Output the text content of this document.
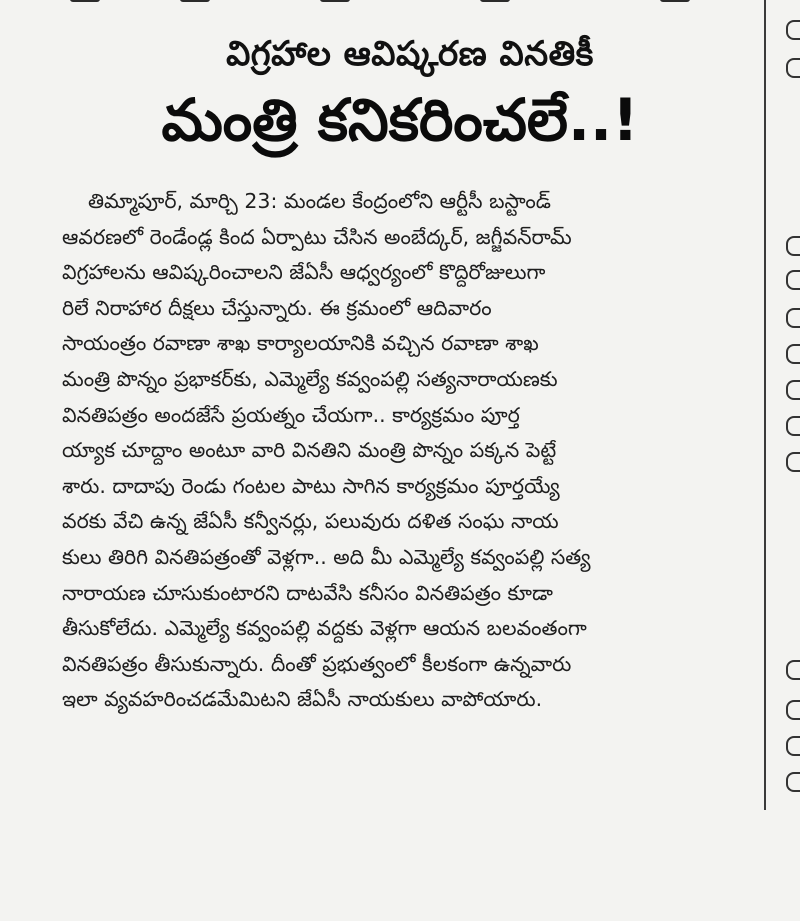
విగ్రహాల ఆవిష్కరణ వినతికీ
మంత్రి కనికరించలే..!
తిమ్మాపూర్, మార్చి 23: మండల కేంద్రంలోని ఆర్టీసీ బస్టాండ్
ఆవరణలో రెండేండ్ల కింద ఏర్పాటు చేసిన అంబేద్కర్, జగ్జీవన్‌రామ్
విగ్రహాలను ఆవిష్కరించాలని జేఏసీ ఆధ్వర్యంలో కొద్దిరోజులుగా
రిలే నిరాహార దీక్షలు చేస్తున్నారు. ఈ క్రమంలో ఆదివారం
సాయంత్రం రవాణా శాఖ కార్యాలయానికి వచ్చిన రవాణా శాఖ
మంత్రి పొన్నం ప్రభాకర్‌కు, ఎమ్మెల్యే కవ్వంపల్లి సత్యనారాయణకు
వినతిపత్రం అందజేసే ప్రయత్నం చేయగా.. కార్యక్రమం పూర్త
య్యాక చూద్దాం అంటూ వారి వినతిని మంత్రి పొన్నం పక్కన పెట్టే
శారు. దాదాపు రెండు గంటల పాటు సాగిన కార్యక్రమం పూర్తయ్యే
వరకు వేచి ఉన్న జేఏసీ కన్వీనర్లు, పలువురు దళిత సంఘ నాయ
కులు తిరిగి వినతిపత్రంతో వెళ్లగా.. అది మీ ఎమ్మెల్యే కవ్వంపల్లి సత్య
నారాయణ చూసుకుంటారని దాటవేసి కనీసం వినతిపత్రం కూడా
తీసుకోలేదు. ఎమ్మెల్యే కవ్వంపల్లి వద్దకు వెళ్లగా ఆయన బలవంతంగా
వినతిపత్రం తీసుకున్నారు. దీంతో ప్రభుత్వంలో కీలకంగా ఉన్నవారు
ఇలా వ్యవహరించడమేమిటని జేఏసీ నాయకులు వాపోయారు.
